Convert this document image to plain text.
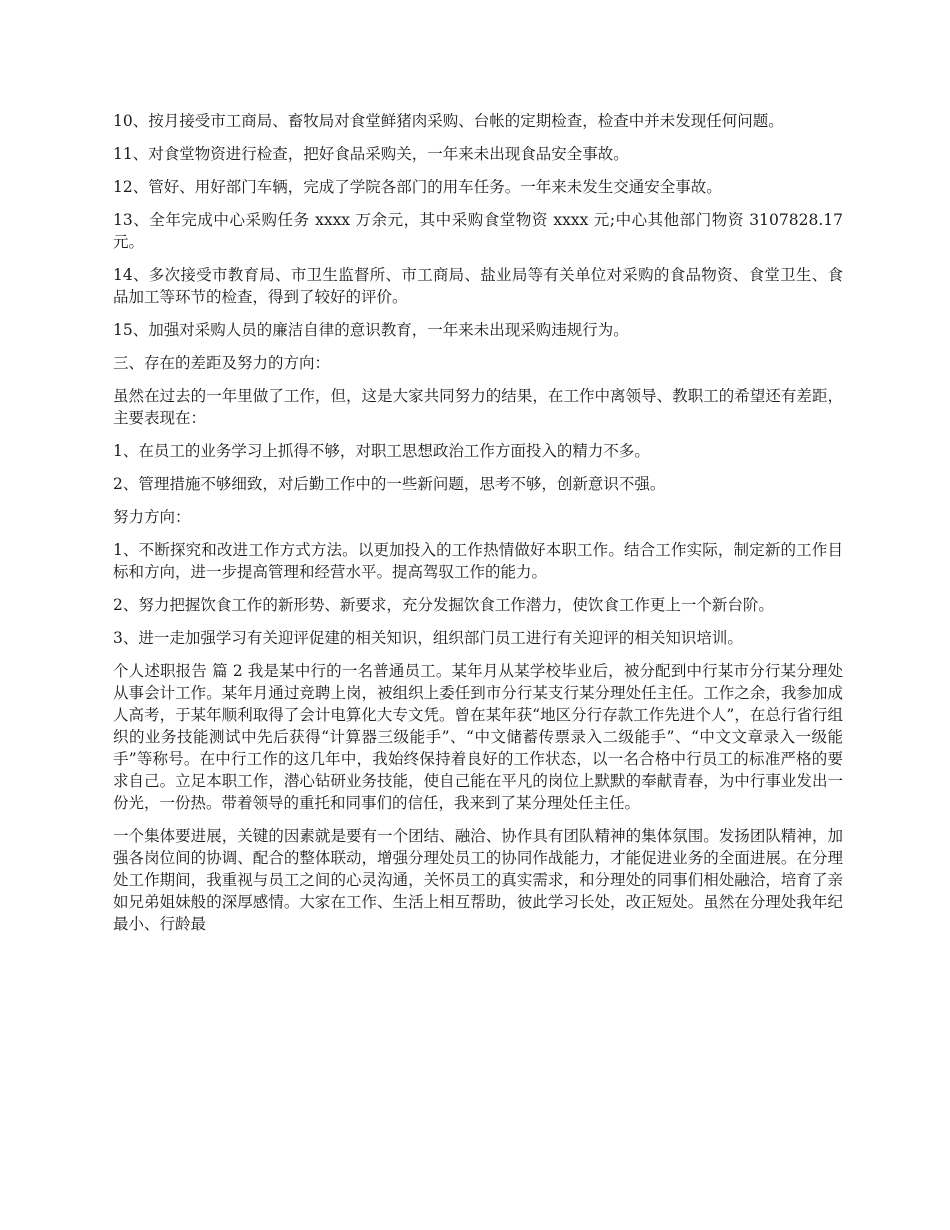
10、按月接受市工商局、畜牧局对食堂鲜猪肉采购、台帐的定期检查，检查中并未发现任何问题。

11、对食堂物资进行检查，把好食品采购关，一年来未出现食品安全事故。

12、管好、用好部门车辆，完成了学院各部门的用车任务。一年来未发生交通安全事故。

13、全年完成中心采购任务 xxxx 万余元，其中采购食堂物资 xxxx 元;中心其他部门物资 3107828.17 元。

14、多次接受市教育局、市卫生监督所、市工商局、盐业局等有关单位对采购的食品物资、食堂卫生、食品加工等环节的检查，得到了较好的评价。

15、加强对采购人员的廉洁自律的意识教育，一年来未出现采购违规行为。

三、存在的差距及努力的方向：

虽然在过去的一年里做了工作，但，这是大家共同努力的结果，在工作中离领导、教职工的希望还有差距，主要表现在：

1、在员工的业务学习上抓得不够，对职工思想政治工作方面投入的精力不多。

2、管理措施不够细致，对后勤工作中的一些新问题，思考不够，创新意识不强。

努力方向：

1、不断探究和改进工作方式方法。以更加投入的工作热情做好本职工作。结合工作实际，制定新的工作目标和方向，进一步提高管理和经营水平。提高驾驭工作的能力。

2、努力把握饮食工作的新形势、新要求，充分发掘饮食工作潜力，使饮食工作更上一个新台阶。

3、进一走加强学习有关迎评促建的相关知识，组织部门员工进行有关迎评的相关知识培训。

个人述职报告 篇 2 我是某中行的一名普通员工。某年月从某学校毕业后，被分配到中行某市分行某分理处从事会计工作。某年月通过竞聘上岗，被组织上委任到市分行某支行某分理处任主任。工作之余，我参加成人高考，于某年顺利取得了会计电算化大专文凭。曾在某年获“地区分行存款工作先进个人”，在总行省行组织的业务技能测试中先后获得“计算器三级能手”、“中文储蓄传票录入二级能手”、“中文文章录入一级能手”等称号。在中行工作的这几年中，我始终保持着良好的工作状态，以一名合格中行员工的标准严格的要求自己。立足本职工作，潜心钻研业务技能，使自己能在平凡的岗位上默默的奉献青春，为中行事业发出一份光，一份热。带着领导的重托和同事们的信任，我来到了某分理处任主任。

一个集体要进展，关键的因素就是要有一个团结、融洽、协作具有团队精神的集体氛围。发扬团队精神，加强各岗位间的协调、配合的整体联动，增强分理处员工的协同作战能力，才能促进业务的全面进展。在分理处工作期间，我重视与员工之间的心灵沟通，关怀员工的真实需求，和分理处的同事们相处融洽，培育了亲如兄弟姐妹般的深厚感情。大家在工作、生活上相互帮助，彼此学习长处，改正短处。虽然在分理处我年纪最小、行龄最
